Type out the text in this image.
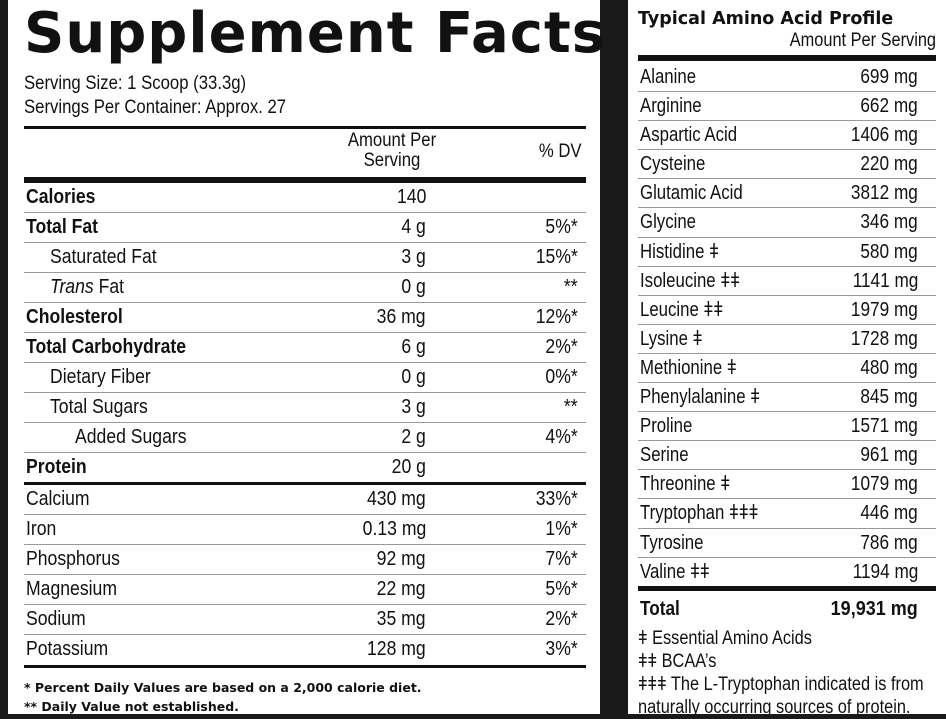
Supplement Facts
Serving Size: 1 Scoop (33.3g)
Servings Per Container: Approx. 27
Amount Per Serving	% DV
Calories	140
Total Fat	4 g	5%*
Saturated Fat	3 g	15%*
Trans Fat	0 g	**
Cholesterol	36 mg	12%*
Total Carbohydrate	6 g	2%*
Dietary Fiber	0 g	0%*
Total Sugars	3 g	**
Added Sugars	2 g	4%*
Protein	20 g
Calcium	430 mg	33%*
Iron	0.13 mg	1%*
Phosphorus	92 mg	7%*
Magnesium	22 mg	5%*
Sodium	35 mg	2%*
Potassium	128 mg	3%*
* Percent Daily Values are based on a 2,000 calorie diet.
** Daily Value not established.
Typical Amino Acid Profile
Amount Per Serving
Alanine	699 mg
Arginine	662 mg
Aspartic Acid	1406 mg
Cysteine	220 mg
Glutamic Acid	3812 mg
Glycine	346 mg
Histidine ǂ	580 mg
Isoleucine ǂǂ	1141 mg
Leucine ǂǂ	1979 mg
Lysine ǂ	1728 mg
Methionine ǂ	480 mg
Phenylalanine ǂ	845 mg
Proline	1571 mg
Serine	961 mg
Threonine ǂ	1079 mg
Tryptophan ǂǂǂ	446 mg
Tyrosine	786 mg
Valine ǂǂ	1194 mg
Total	19,931 mg
ǂ Essential Amino Acids
ǂǂ BCAA’s
ǂǂǂ The L-Tryptophan indicated is from
naturally occurring sources of protein.
